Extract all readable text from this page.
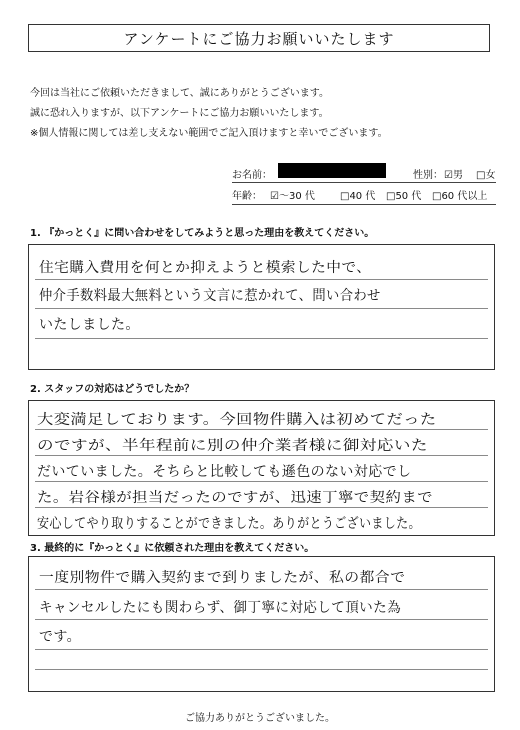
アンケートにご協力お願いいたします
今回は当社にご依頼いただきまして、誠にありがとうございます。
誠に恐れ入りますが、以下アンケートにご協力お願いいたします。
※個人情報に関しては差し支えない範囲でご記入頂けますと幸いでございます。
お名前：	性別： ☑男 □女
年齢： ☑～30 代	□40 代 □50 代 □60 代以上
1. 『かっとく』に問い合わせをしてみようと思った理由を教えてください。
住宅購入費用を何とか抑えようと模索した中で、
仲介手数料最大無料という文言に惹かれて、問い合わせ
いたしました。
2. スタッフの対応はどうでしたか？
大変満足しております。今回物件購入は初めてだった
のですが、半年程前に別の仲介業者様に御対応いた
だいていました。そちらと比較しても遜色のない対応でし
た。岩谷様が担当だったのですが、迅速丁寧で契約まで
安心してやり取りすることができました。ありがとうございました。
3. 最終的に『かっとく』に依頼された理由を教えてください。
一度別物件で購入契約まで到りましたが、私の都合で
キャンセルしたにも関わらず、御丁寧に対応して頂いた為
です。
ご協力ありがとうございました。
